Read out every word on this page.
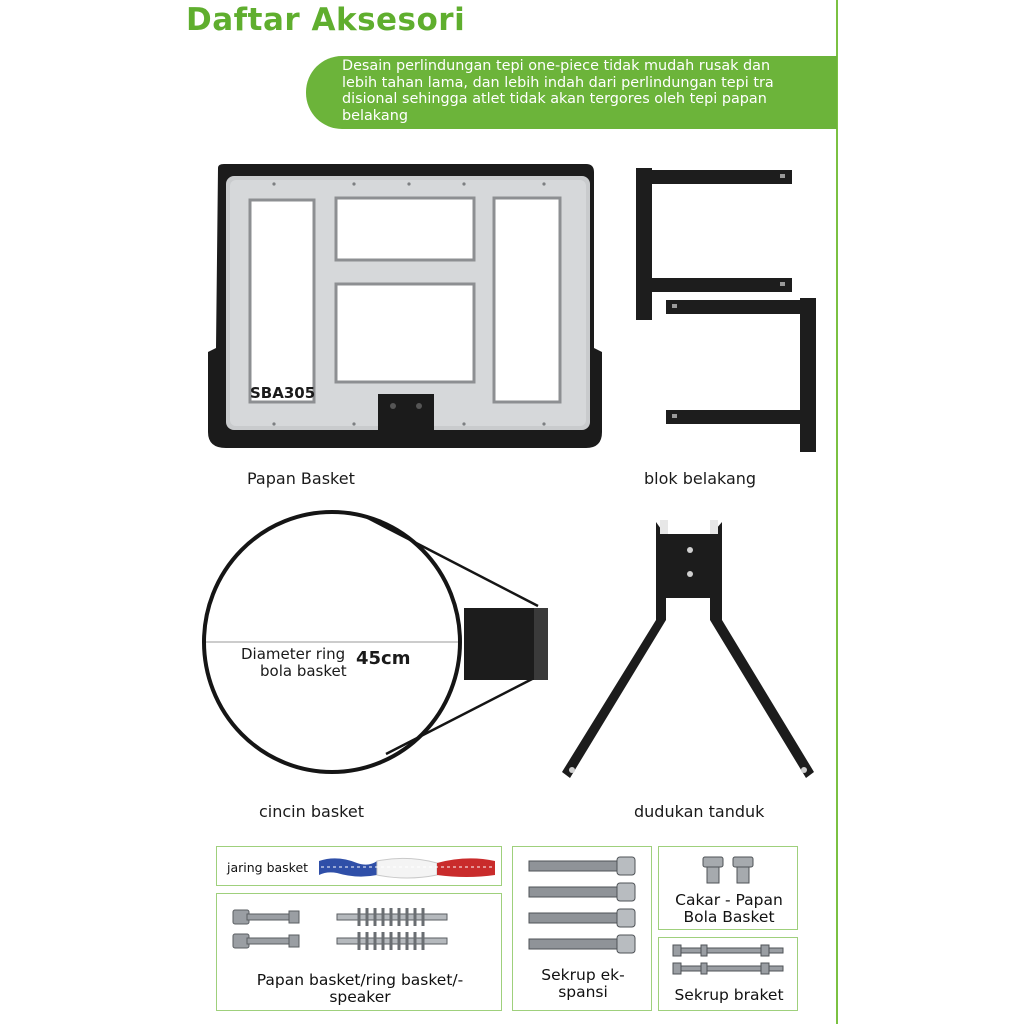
Daftar Aksesori
Desain perlindungan tepi one-piece tidak mudah rusak dan
lebih tahan lama, dan lebih indah dari perlindungan tepi tra
disional sehingga atlet tidak akan tergores oleh tepi papan
belakang
SBA305
Papan Basket	blok belakang
Diameter ring
bola basket
45cm
cincin basket	dudukan tanduk
jaring basket
Papan basket/ring basket/-
speaker
Sekrup ek-
spansi
Cakar - Papan
Bola Basket
Sekrup braket
